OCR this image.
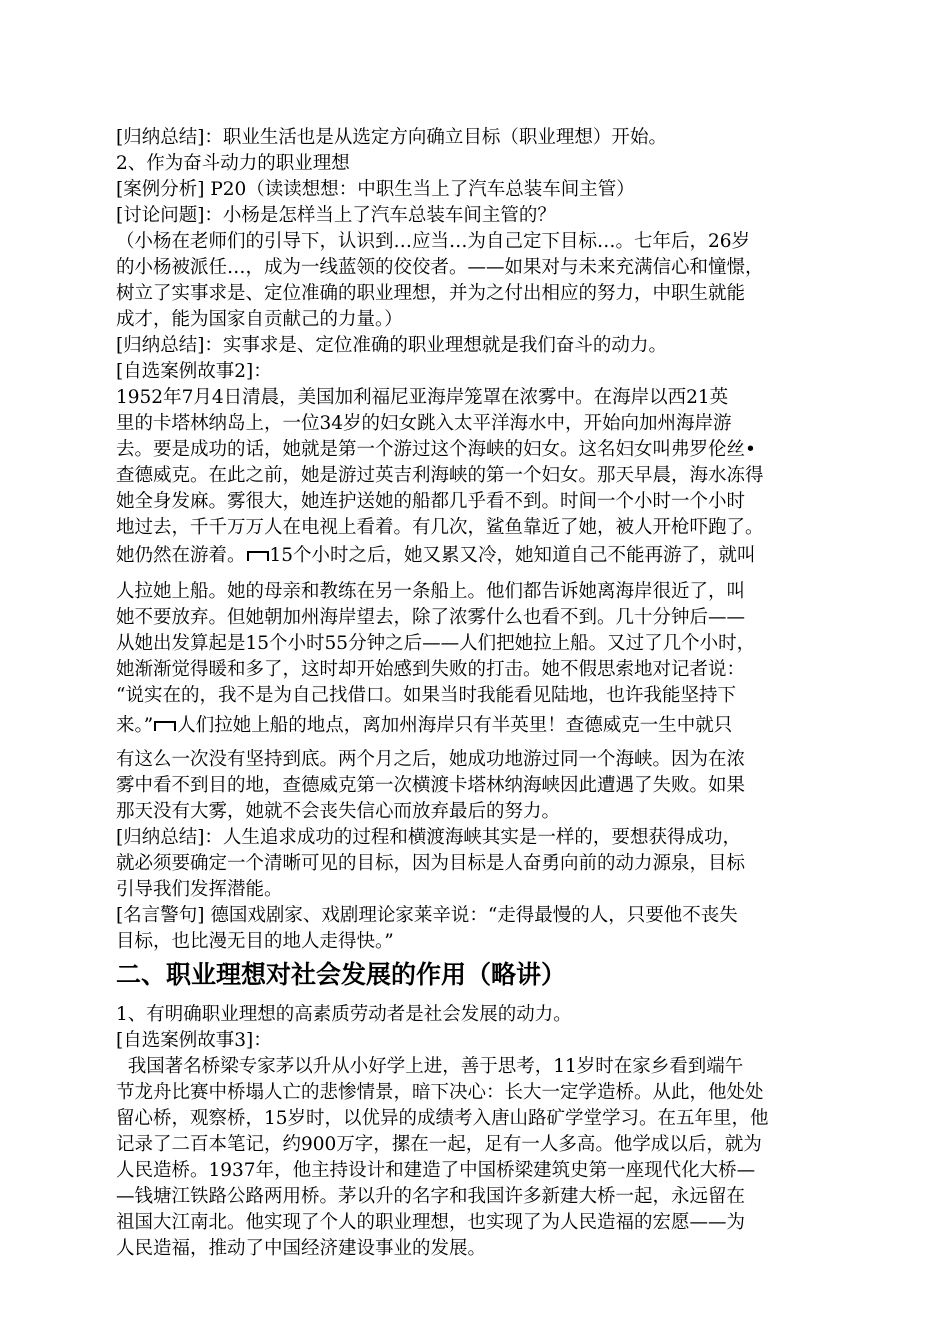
[归纳总结]：职业生活也是从选定方向确立目标（职业理想）开始。
2、作为奋斗动力的职业理想
[案例分析] P20（读读想想：中职生当上了汽车总装车间主管）
[讨论问题]：小杨是怎样当上了汽车总装车间主管的？
（小杨在老师们的引导下，认识到…应当…为自己定下目标…。七年后，26岁
的小杨被派任…，成为一线蓝领的佼佼者。——如果对与未来充满信心和憧憬，
树立了实事求是、定位准确的职业理想，并为之付出相应的努力，中职生就能
成才，能为国家自贡献己的力量。）
[归纳总结]：实事求是、定位准确的职业理想就是我们奋斗的动力。
[自选案例故事2]：
1952年7月4日清晨，美国加利福尼亚海岸笼罩在浓雾中。在海岸以西21英
里的卡塔林纳岛上，一位34岁的妇女跳入太平洋海水中，开始向加州海岸游
去。要是成功的话，她就是第一个游过这个海峡的妇女。这名妇女叫弗罗伦丝•
查德威克。在此之前，她是游过英吉利海峡的第一个妇女。那天早晨，海水冻得
她全身发麻。雾很大，她连护送她的船都几乎看不到。时间一个小时一个小时
地过去，千千万万人在电视上看着。有几次，鲨鱼靠近了她，被人开枪吓跑了。
她仍然在游着。 15个小时之后，她又累又冷，她知道自己不能再游了，就叫
人拉她上船。她的母亲和教练在另一条船上。他们都告诉她离海岸很近了，叫
她不要放弃。但她朝加州海岸望去，除了浓雾什么也看不到。几十分钟后——
从她出发算起是15个小时55分钟之后——人们把她拉上船。又过了几个小时，
她渐渐觉得暖和多了，这时却开始感到失败的打击。她不假思索地对记者说：
“说实在的，我不是为自己找借口。如果当时我能看见陆地，也许我能坚持下
来。” 人们拉她上船的地点，离加州海岸只有半英里！查德威克一生中就只
有这么一次没有坚持到底。两个月之后，她成功地游过同一个海峡。因为在浓
雾中看不到目的地，查德威克第一次横渡卡塔林纳海峡因此遭遇了失败。如果
那天没有大雾，她就不会丧失信心而放弃最后的努力。
[归纳总结]：人生追求成功的过程和横渡海峡其实是一样的，要想获得成功，
就必须要确定一个清晰可见的目标，因为目标是人奋勇向前的动力源泉，目标
引导我们发挥潜能。
[名言警句] 德国戏剧家、戏剧理论家莱辛说：“走得最慢的人，只要他不丧失
目标，也比漫无目的地人走得快。”
二、职业理想对社会发展的作用（略讲）
1、有明确职业理想的高素质劳动者是社会发展的动力。
[自选案例故事3]：
我国著名桥梁专家茅以升从小好学上进，善于思考，11岁时在家乡看到端午
节龙舟比赛中桥塌人亡的悲惨情景，暗下决心：长大一定学造桥。从此，他处处
留心桥，观察桥，15岁时，以优异的成绩考入唐山路矿学堂学习。在五年里，他
记录了二百本笔记，约900万字，摞在一起，足有一人多高。他学成以后，就为
人民造桥。1937年，他主持设计和建造了中国桥梁建筑史第一座现代化大桥—
—钱塘江铁路公路两用桥。茅以升的名字和我国许多新建大桥一起，永远留在
祖国大江南北。他实现了个人的职业理想，也实现了为人民造福的宏愿——为
人民造福，推动了中国经济建设事业的发展。
